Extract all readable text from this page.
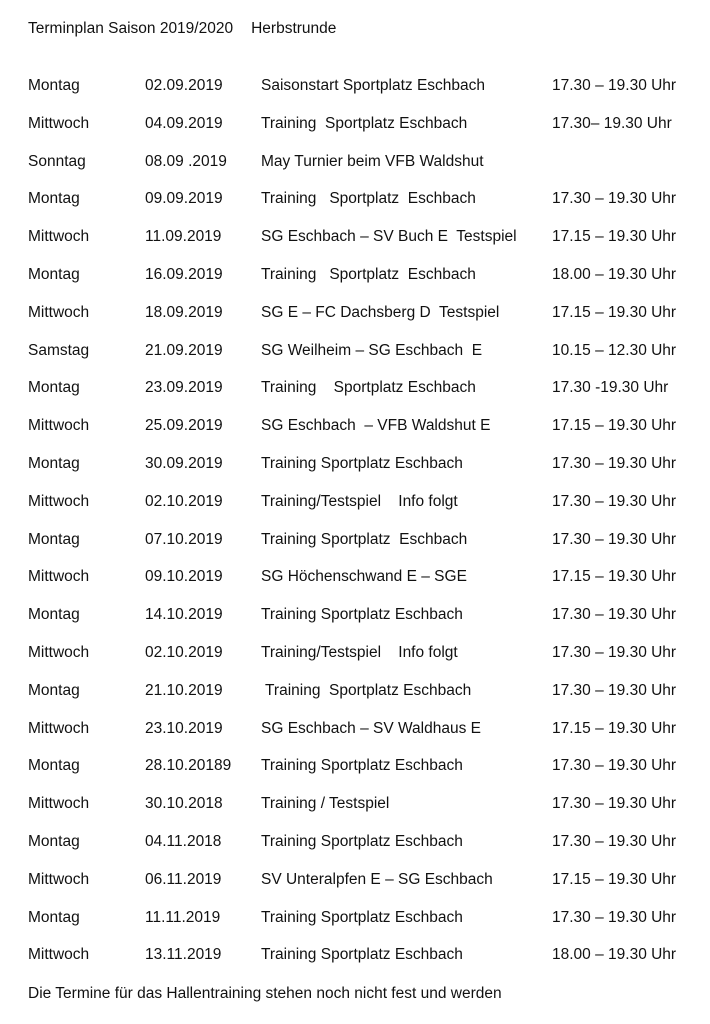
Terminplan Saison 2019/2020 Herbstrunde
Montag	02.09.2019 Saisonstart Sportplatz Eschbach	17.30 – 19.30 Uhr
Mittwoch	04.09.2019 Training  Sportplatz Eschbach	17.30– 19.30 Uhr
Sonntag	08.09 .2019 May Turnier beim VFB Waldshut
Montag	09.09.2019 Training   Sportplatz  Eschbach	17.30 – 19.30 Uhr
Mittwoch	11.09.2019	SG Eschbach – SV Buch E  Testspiel 17.15 – 19.30 Uhr
Montag	16.09.2019 Training   Sportplatz  Eschbach	18.00 – 19.30 Uhr
Mittwoch	18.09.2019 SG E – FC Dachsberg D  Testspiel	17.15 – 19.30 Uhr
Samstag	21.09.2019 SG Weilheim – SG Eschbach  E	10.15 – 12.30 Uhr
Montag	23.09.2019 Training    Sportplatz Eschbach	17.30 -19.30 Uhr
Mittwoch	25.09.2019 SG Eschbach  – VFB Waldshut E	17.15 – 19.30 Uhr
Montag	30.09.2019 Training Sportplatz Eschbach	17.30 – 19.30 Uhr
Mittwoch	02.10.2019 Training/Testspiel    Info folgt	17.30 – 19.30 Uhr
Montag	07.10.2019 Training Sportplatz  Eschbach	17.30 – 19.30 Uhr
Mittwoch	09.10.2019 SG Höchenschwand E – SGE	17.15 – 19.30 Uhr
Montag	14.10.2019 Training Sportplatz Eschbach	17.30 – 19.30 Uhr
Mittwoch	02.10.2019 Training/Testspiel    Info folgt	17.30 – 19.30 Uhr
Montag	21.10.2019 Training  Sportplatz Eschbach	17.30 – 19.30 Uhr
Mittwoch	23.10.2019 SG Eschbach – SV Waldhaus E	17.15 – 19.30 Uhr
Montag	28.10.20189 Training Sportplatz Eschbach	17.30 – 19.30 Uhr
Mittwoch	30.10.2018 Training / Testspiel	17.30 – 19.30 Uhr
Montag	04.11.2018	Training Sportplatz Eschbach	17.30 – 19.30 Uhr
Mittwoch	06.11.2019	SV Unteralpfen E – SG Eschbach	17.15 – 19.30 Uhr
Montag	11.11.2019	Training Sportplatz Eschbach	17.30 – 19.30 Uhr
Mittwoch	13.11.2019	Training Sportplatz Eschbach	18.00 – 19.30 Uhr
Die Termine für das Hallentraining stehen noch nicht fest und werden
